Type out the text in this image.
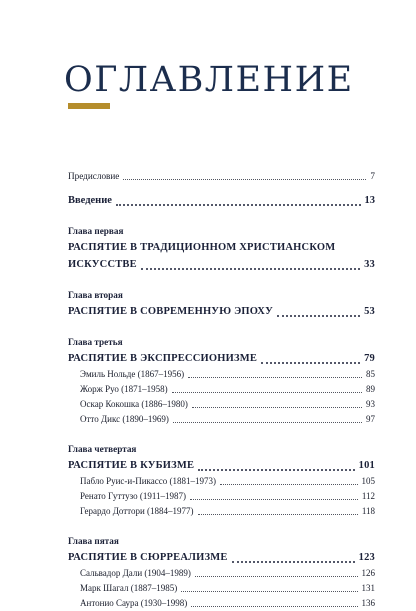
ОГЛАВЛЕНИЕ
Предисловие	7
Введение	13
Глава первая
РАСПЯТИЕ В ТРАДИЦИОННОМ ХРИСТИАНСКОМ
ИСКУССТВЕ	33
Глава вторая
РАСПЯТИЕ В СОВРЕМЕННУЮ ЭПОХУ	53
Глава третья
РАСПЯТИЕ В ЭКСПРЕССИОНИЗМЕ	79
Эмиль Нольде (1867–1956)	85
Жорж Руо (1871–1958)	89
Оскар Кокошка (1886–1980)	93
Отто Дикс (1890–1969)	97
Глава четвертая
РАСПЯТИЕ В КУБИЗМЕ	101
Пабло Руис-и-Пикассо (1881–1973)	105
Ренато Гуттузо (1911–1987)	112
Герардо Доттори (1884–1977)	118
Глава пятая
РАСПЯТИЕ В СЮРРЕАЛИЗМЕ	123
Сальвадор Дали (1904–1989)	126
Марк Шагал (1887–1985)	131
Антонио Саура (1930–1998)	136
